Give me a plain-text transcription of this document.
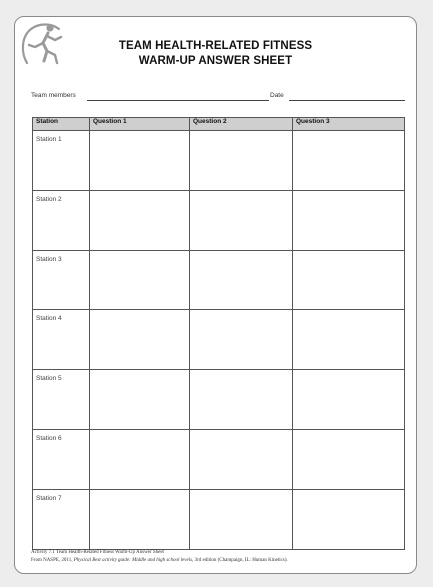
TEAM HEALTH-RELATED FITNESS
WARM-UP ANSWER SHEET
Team members	Date
Station	Question 1	Question 2	Question 3
Station 1			
Station 2			
Station 3			
Station 4			
Station 5			
Station 6			
Station 7			
Activity 7.1 Team Health-Related Fitness Warm-Up Answer Sheet
From NASPE, 2011, Physical Best activity guide: Middle and high school levels, 3rd edition (Champaign, IL: Human Kinetics).
